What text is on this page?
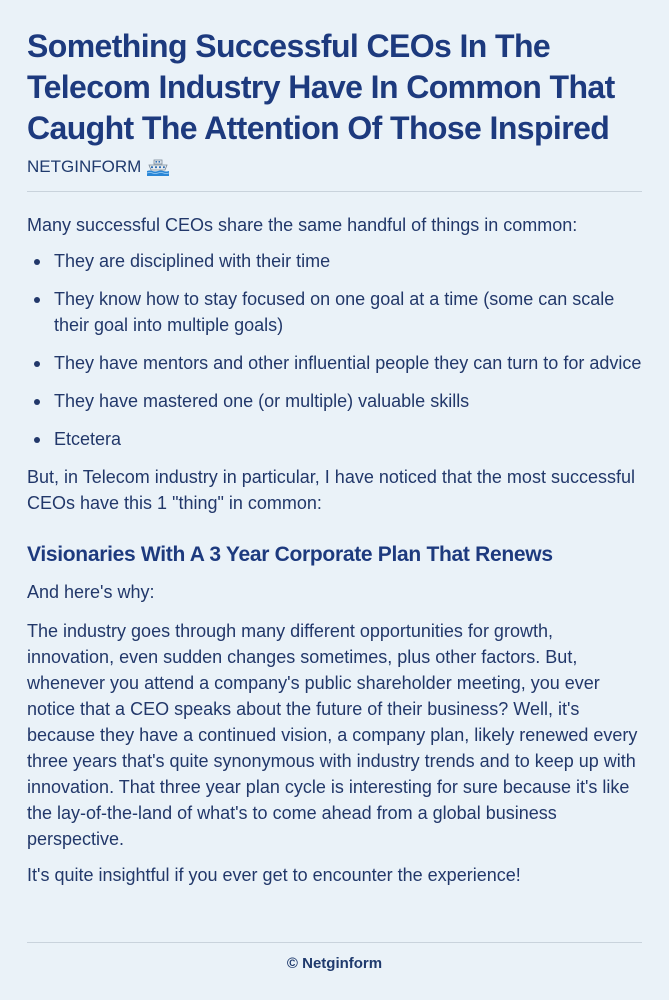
Something Successful CEOs In The Telecom Industry Have In Common That Caught The Attention Of Those Inspired
NETGINFORM

Many successful CEOs share the same handful of things in common:

They are disciplined with their time
They know how to stay focused on one goal at a time (some can scale their goal into multiple goals)
They have mentors and other influential people they can turn to for advice
They have mastered one (or multiple) valuable skills
Etcetera

But, in Telecom industry in particular, I have noticed that the most successful CEOs have this 1 "thing" in common:

Visionaries With A 3 Year Corporate Plan That Renews

And here's why:

The industry goes through many different opportunities for growth, innovation, even sudden changes sometimes, plus other factors. But, whenever you attend a company's public shareholder meeting, you ever notice that a CEO speaks about the future of their business? Well, it's because they have a continued vision, a company plan, likely renewed every three years that's quite synonymous with industry trends and to keep up with innovation. That three year plan cycle is interesting for sure because it's like the lay-of-the-land of what's to come ahead from a global business perspective.

It's quite insightful if you ever get to encounter the experience!

© Netginform
